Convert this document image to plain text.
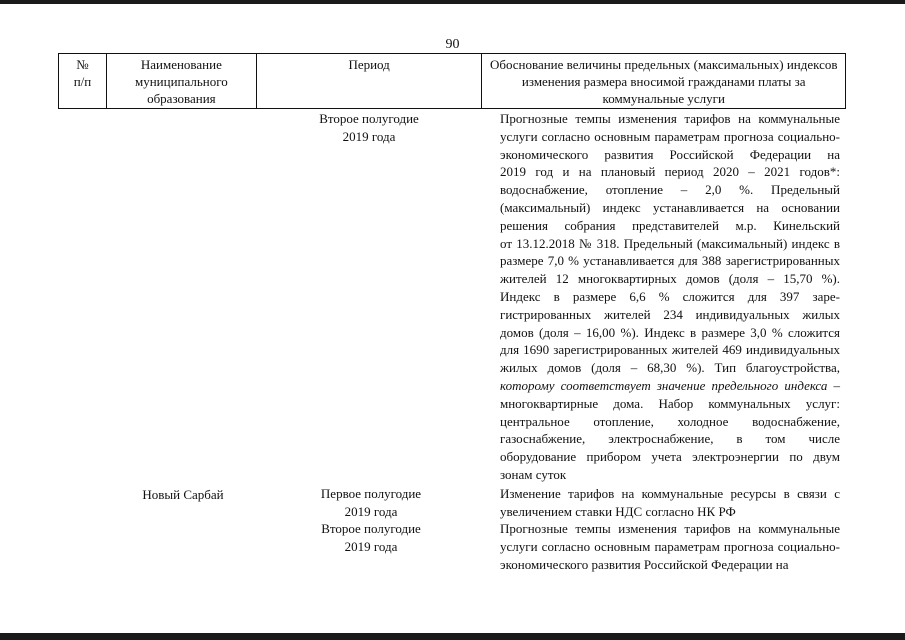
90
№
п/п
Наименование муниципального образования
Период	Обоснование величины предельных (максимальных) индексов изменения размера вносимой гражданами платы за коммунальные услуги
Второе полугодие 2019 года
Прогнозные темпы изменения тарифов на коммунальные
услуги согласно основным параметрам прогноза социально-
экономического развития Российской Федерации на
2019 год и на плановый период 2020 – 2021 годов*:
водоснабжение, отопление – 2,0 %. Предельный
(максимальный) индекс устанавливается на основании
решения собрания представителей м.р. Кинельский
от 13.12.2018 № 318. Предельный (максимальный) индекс в
размере 7,0 % устанавливается для 388 зарегистрированных
жителей 12 многоквартирных домов (доля – 15,70 %).
Индекс в размере 6,6 % сложится для 397 заре-
гистрированных жителей 234 индивидуальных жилых
домов (доля – 16,00 %). Индекс в размере 3,0 % сложится
для 1690 зарегистрированных жителей 469 индивидуальных
жилых домов (доля – 68,30 %). Тип благоустройства,
которому соответствует значение предельного индекса –
многоквартирные дома. Набор коммунальных услуг:
центральное отопление, холодное водоснабжение,
газоснабжение, электроснабжение, в том числе
оборудование прибором учета электроэнергии по двум
зонам суток
Новый Сарбай	Первое полугодие 2019 года
Второе полугодие 2019 года
Изменение тарифов на коммунальные ресурсы в связи с
увеличением ставки НДС согласно НК РФ
Прогнозные темпы изменения тарифов на коммунальные
услуги согласно основным параметрам прогноза социально-
экономического развития Российской Федерации на
